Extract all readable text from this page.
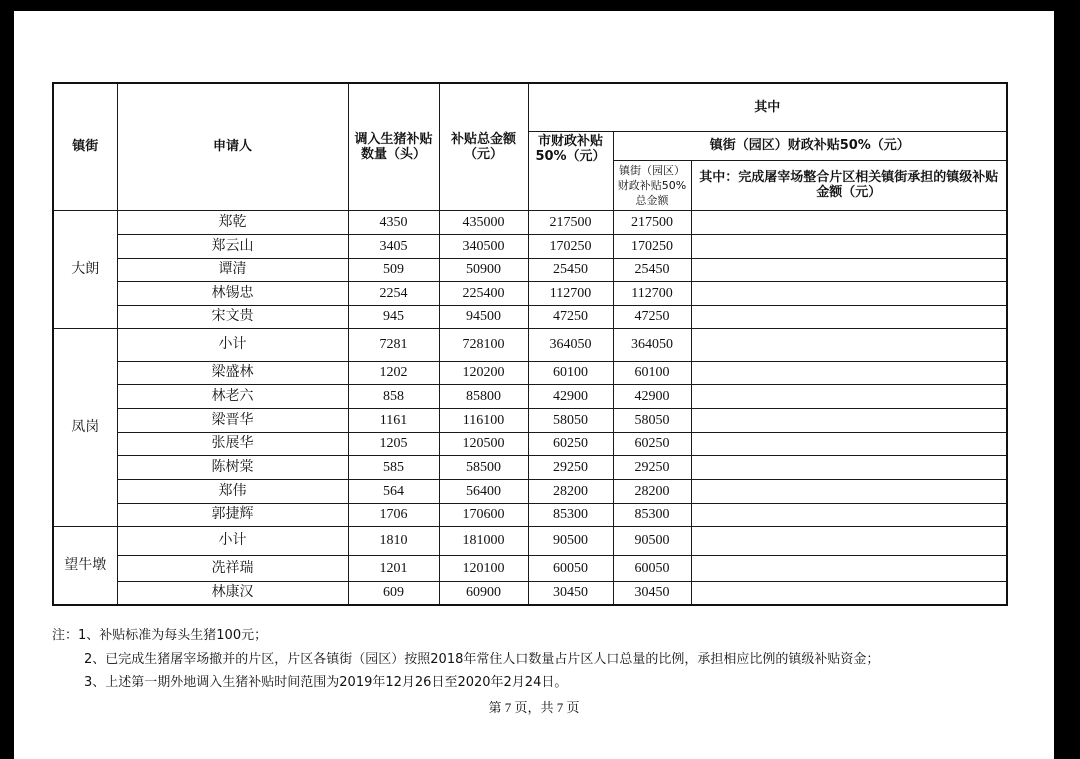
镇街	申请人	调入生猪补贴数量（头）	补贴总金额（元）	其中		
				市财政补贴50%（元）	镇街（园区）财政补贴50%（元）	
					镇街（园区）财政补贴50%总金额	其中：完成屠宰场整合片区相关镇街承担的镇级补贴金额（元）
大朗	郑乾	4350	435000	217500	217500	
	郑云山	3405	340500	170250	170250	
	谭清	509	50900	25450	25450	
	林锡忠	2254	225400	112700	112700	
	宋文贵	945	94500	47250	47250	
凤岗	小计	7281	728100	364050	364050	
	梁盛林	1202	120200	60100	60100	
	林老六	858	85800	42900	42900	
	梁晋华	1161	116100	58050	58050	
	张展华	1205	120500	60250	60250	
	陈树棠	585	58500	29250	29250	
	郑伟	564	56400	28200	28200	
	郭捷辉	1706	170600	85300	85300	
望牛墩	小计	1810	181000	90500	90500	
	冼祥瑞	1201	120100	60050	60050	
	林康汉	609	60900	30450	30450	
注：1、补贴标准为每头生猪100元；
2、已完成生猪屠宰场撤并的片区，片区各镇街（园区）按照2018年常住人口数量占片区人口总量的比例，承担相应比例的镇级补贴资金；
3、上述第一期外地调入生猪补贴时间范围为2019年12月26日至2020年2月24日。
第 7 页，共 7 页
